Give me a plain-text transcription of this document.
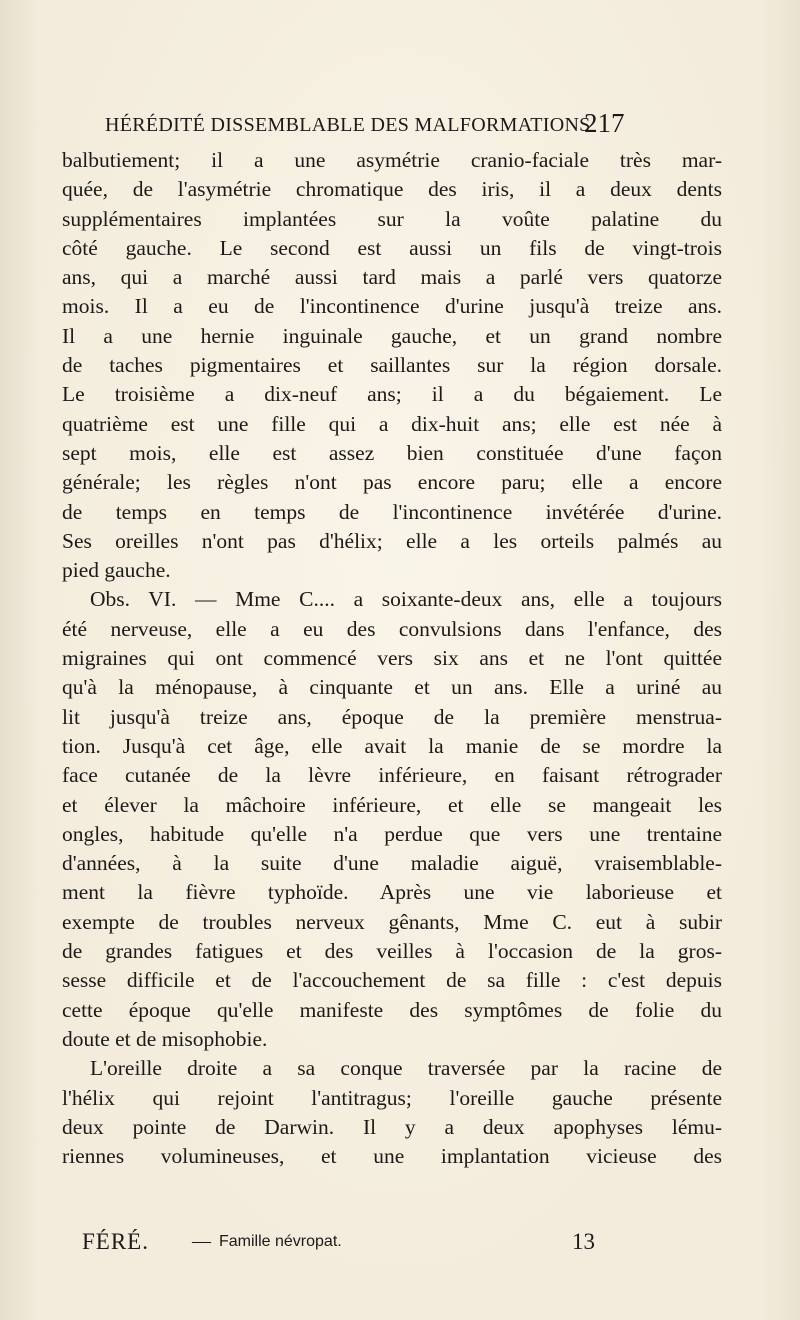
HÉRÉDITÉ DISSEMBLABLE DES MALFORMATIONS
217
balbutiement; il a une asymétrie cranio-faciale très mar-
quée, de l'asymétrie chromatique des iris, il a deux dents
supplémentaires implantées sur la voûte palatine du
côté gauche. Le second est aussi un fils de vingt-trois
ans, qui a marché aussi tard mais a parlé vers quatorze
mois. Il a eu de l'incontinence d'urine jusqu'à treize ans.
Il a une hernie inguinale gauche, et un grand nombre
de taches pigmentaires et saillantes sur la région dorsale.
Le troisième a dix-neuf ans; il a du bégaiement. Le
quatrième est une fille qui a dix-huit ans; elle est née à
sept mois, elle est assez bien constituée d'une façon
générale; les règles n'ont pas encore paru; elle a encore
de temps en temps de l'incontinence invétérée d'urine.
Ses oreilles n'ont pas d'hélix; elle a les orteils palmés au
pied gauche.
Obs. VI. — Mme C.... a soixante-deux ans, elle a toujours
été nerveuse, elle a eu des convulsions dans l'enfance, des
migraines qui ont commencé vers six ans et ne l'ont quittée
qu'à la ménopause, à cinquante et un ans. Elle a uriné au
lit jusqu'à treize ans, époque de la première menstrua-
tion. Jusqu'à cet âge, elle avait la manie de se mordre la
face cutanée de la lèvre inférieure, en faisant rétrograder
et élever la mâchoire inférieure, et elle se mangeait les
ongles, habitude qu'elle n'a perdue que vers une trentaine
d'années, à la suite d'une maladie aiguë, vraisemblable-
ment la fièvre typhoïde. Après une vie laborieuse et
exempte de troubles nerveux gênants, Mme C. eut à subir
de grandes fatigues et des veilles à l'occasion de la gros-
sesse difficile et de l'accouchement de sa fille : c'est depuis
cette époque qu'elle manifeste des symptômes de folie du
doute et de misophobie.
L'oreille droite a sa conque traversée par la racine de
l'hélix qui rejoint l'antitragus; l'oreille gauche présente
deux pointe de Darwin. Il y a deux apophyses lému-
riennes volumineuses, et une implantation vicieuse des
FÉRÉ. — Famille névropat.	13
